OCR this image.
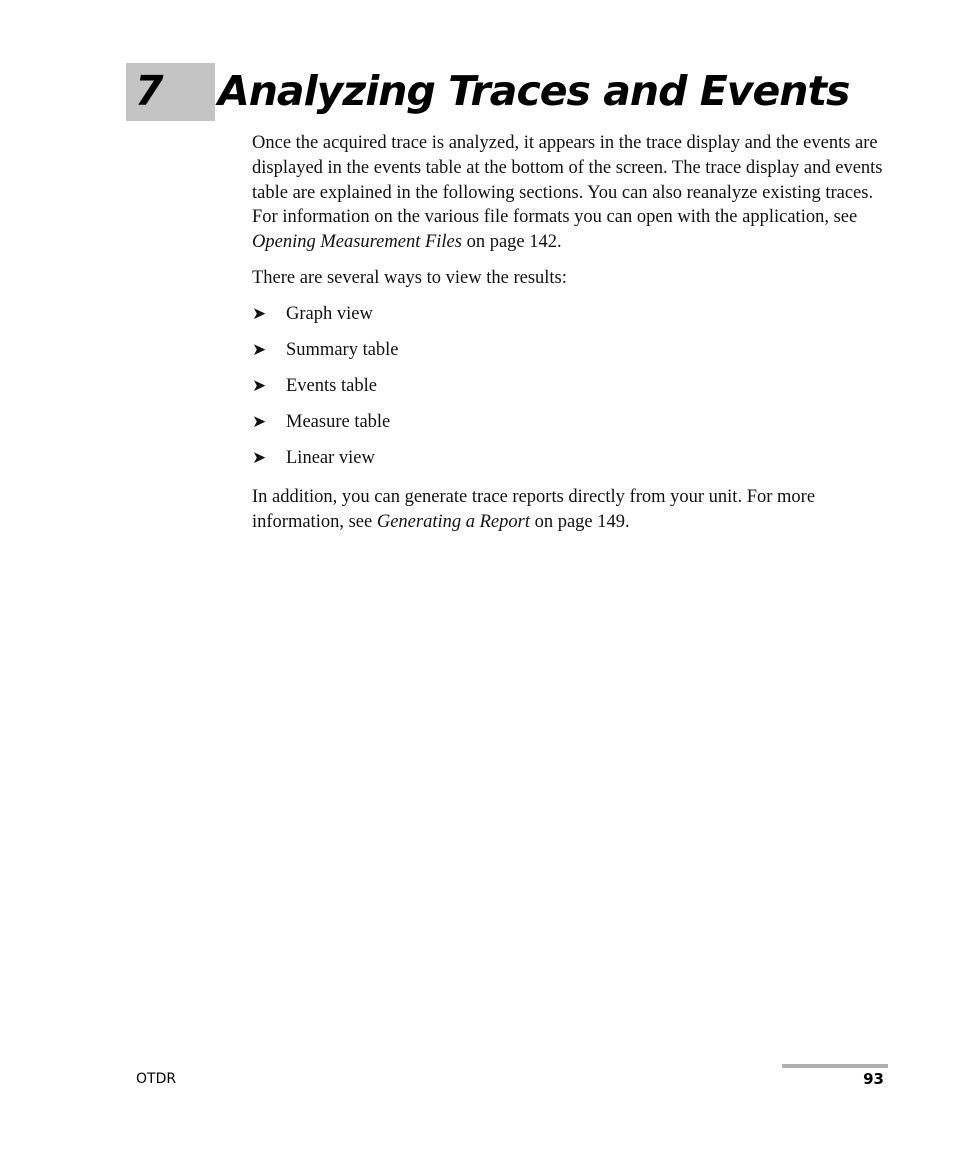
7 Analyzing Traces and Events

Once the acquired trace is analyzed, it appears in the trace display and the events are displayed in the events table at the bottom of the screen. The trace display and events table are explained in the following sections. You can also reanalyze existing traces. For information on the various file formats you can open with the application, see Opening Measurement Files on page 142.

There are several ways to view the results:

➤	Graph view
➤	Summary table
➤	Events table
➤	Measure table
➤	Linear view

In addition, you can generate trace reports directly from your unit. For more information, see Generating a Report on page 149.

OTDR	93
